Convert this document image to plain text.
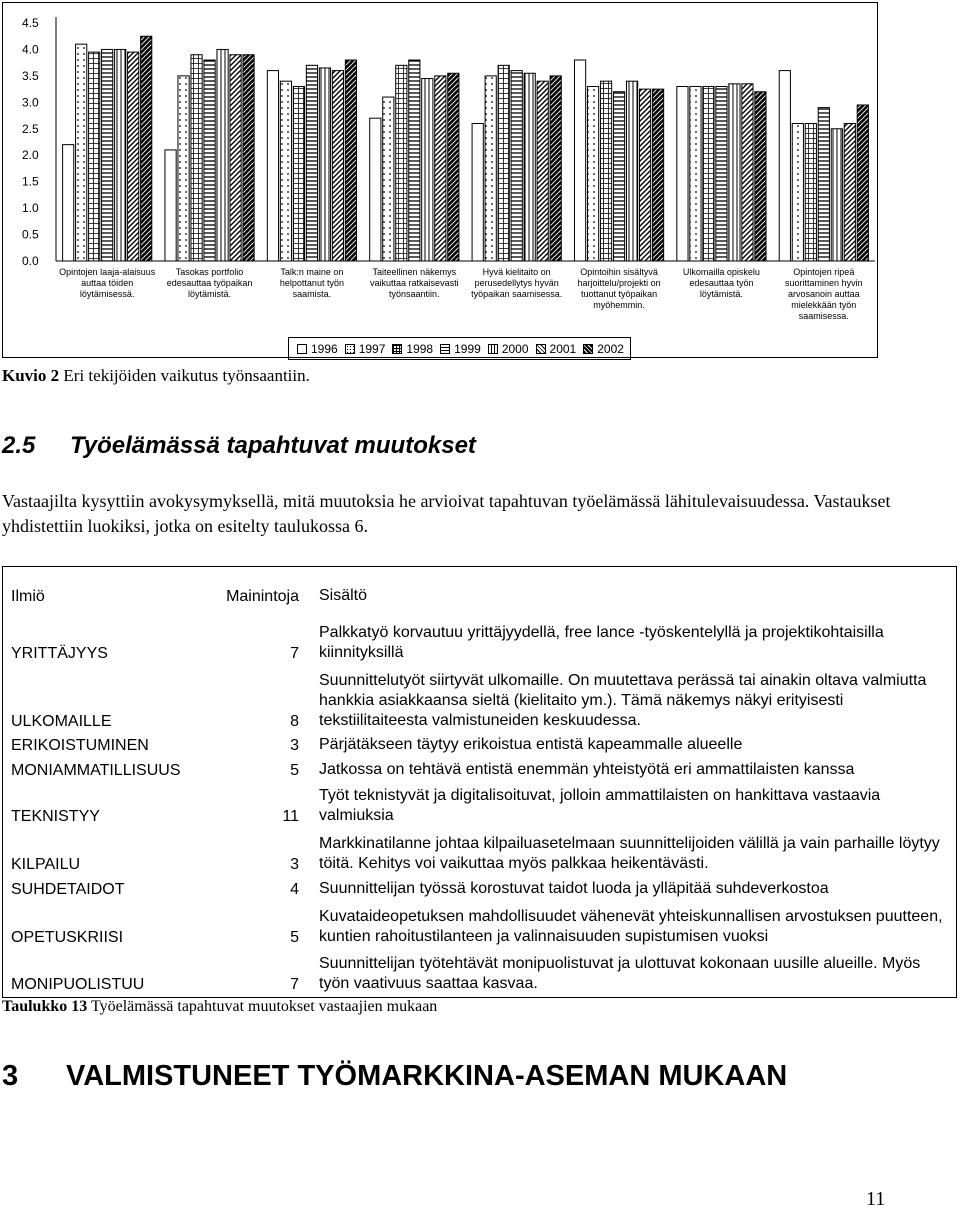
4.5
4.0
3.5
3.0
2.5
2.0
1.5
1.0
0.5
0.0
Opintojen laaja-alaisuus auttaa töiden löytämisessä.
Tasokas portfolio edesauttaa työpaikan löytämistä.
Talk:n maine on helpottanut työn saamista.
Taiteellinen näkemys vaikuttaa ratkaisevasti työnsaantiin.
Hyvä kielitaito on perusedellytys hyvän työpaikan saamisessa.
Opintoihin sisältyvä harjoittelu/projekti on tuottanut työpaikan myöhemmin.
Ulkomailla opiskelu edesauttaa työn löytämistä.
Opintojen ripeä suorittaminen hyvin arvosanoin auttaa mielekkään työn saamisessa.
1996 1997 1998 1999 2000 2001 2002
Kuvio 2 Eri tekijöiden vaikutus työnsaantiin.
2.5 Työelämässä tapahtuvat muutokset
Vastaajilta kysyttiin avokysymyksellä, mitä muutoksia he arvioivat tapahtuvan työelämässä lähitulevaisuudessa. Vastaukset yhdistettiin luokiksi, jotka on esitelty taulukossa 6.
Ilmiö	Mainintoja Sisältö
YRITTÄJYYS	7
Palkkatyö korvautuu yrittäjyydellä, free lance -työskentelyllä ja projektikohtaisilla kiinnityksillä
ULKOMAILLE	8
Suunnittelutyöt siirtyvät ulkomaille. On muutettava perässä tai ainakin oltava valmiutta hankkia asiakkaansa sieltä (kielitaito ym.). Tämä näkemys näkyi erityisesti tekstiilitaiteesta valmistuneiden keskuudessa.
ERIKOISTUMINEN	3 Pärjätäkseen täytyy erikoistua entistä kapeammalle alueelle
MONIAMMATILLISUUS	5 Jatkossa on tehtävä entistä enemmän yhteistyötä eri ammattilaisten kanssa
TEKNISTYY	11
Työt teknistyvät ja digitalisoituvat, jolloin ammattilaisten on hankittava vastaavia valmiuksia
KILPAILU	3
Markkinatilanne johtaa kilpailuasetelmaan suunnittelijoiden välillä ja vain parhaille löytyy töitä. Kehitys voi vaikuttaa myös palkkaa heikentävästi.
SUHDETAIDOT	4 Suunnittelijan työssä korostuvat taidot luoda ja ylläpitää suhdeverkostoa
OPETUSKRIISI	5
Kuvataideopetuksen mahdollisuudet vähenevät yhteiskunnallisen arvostuksen puutteen, kuntien rahoitustilanteen ja valinnaisuuden supistumisen vuoksi
MONIPUOLISTUU	7
Suunnittelijan työtehtävät monipuolistuvat ja ulottuvat kokonaan uusille alueille. Myös työn vaativuus saattaa kasvaa.
Taulukko 13 Työelämässä tapahtuvat muutokset vastaajien mukaan
3 VALMISTUNEET TYÖMARKKINA-ASEMAN MUKAAN
11
